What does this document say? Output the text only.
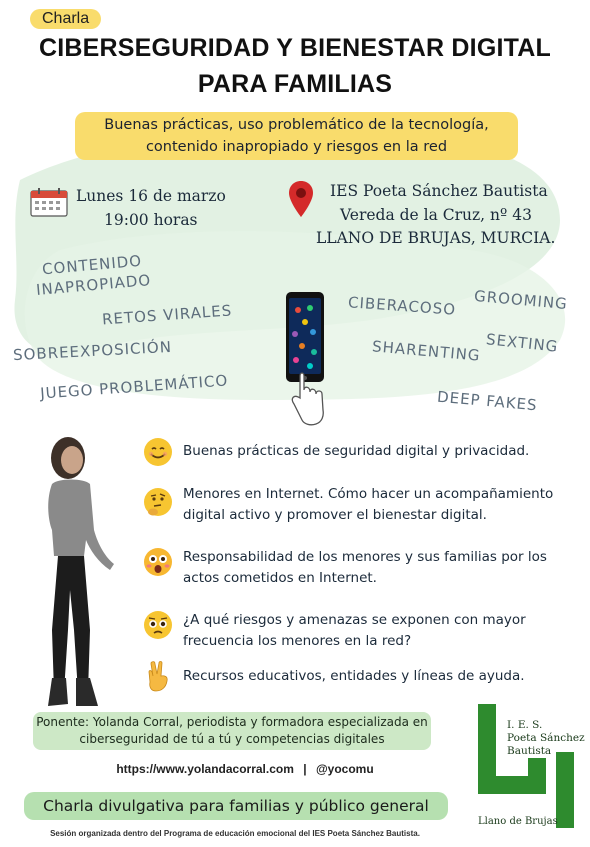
Charla
CIBERSEGURIDAD Y BIENESTAR DIGITAL
PARA FAMILIAS
Buenas prácticas, uso problemático de la tecnología,
contenido inapropiado y riesgos en la red
Lunes 16 de marzo
19:00 horas
IES Poeta Sánchez Bautista
Vereda de la Cruz, nº 43
LLANO DE BRUJAS, MURCIA.
CONTENIDO
INAPROPIADO
RETOS VIRALES
SOBREEXPOSICIÓN
JUEGO PROBLEMÁTICO
CIBERACOSO GROOMING
SEXTING
SHARENTING
DEEP FAKES
Buenas prácticas de seguridad digital y privacidad.
Menores en Internet. Cómo hacer un acompañamiento
digital activo y promover el bienestar digital.
Responsabilidad de los menores y sus familias por los
actos cometidos en Internet.
¿A qué riesgos y amenazas se exponen con mayor
frecuencia los menores en la red?
Recursos educativos, entidades y líneas de ayuda.
Ponente: Yolanda Corral, periodista y formadora especializada en
ciberseguridad de tú a tú y competencias digitales
https://www.yolandacorral.com | @yocomu
Charla divulgativa para familias y público general
Sesión organizada dentro del Programa de educación emocional del IES Poeta Sánchez Bautista.
I. E. S.
Poeta Sánchez
Bautista
Llano de Brujas
